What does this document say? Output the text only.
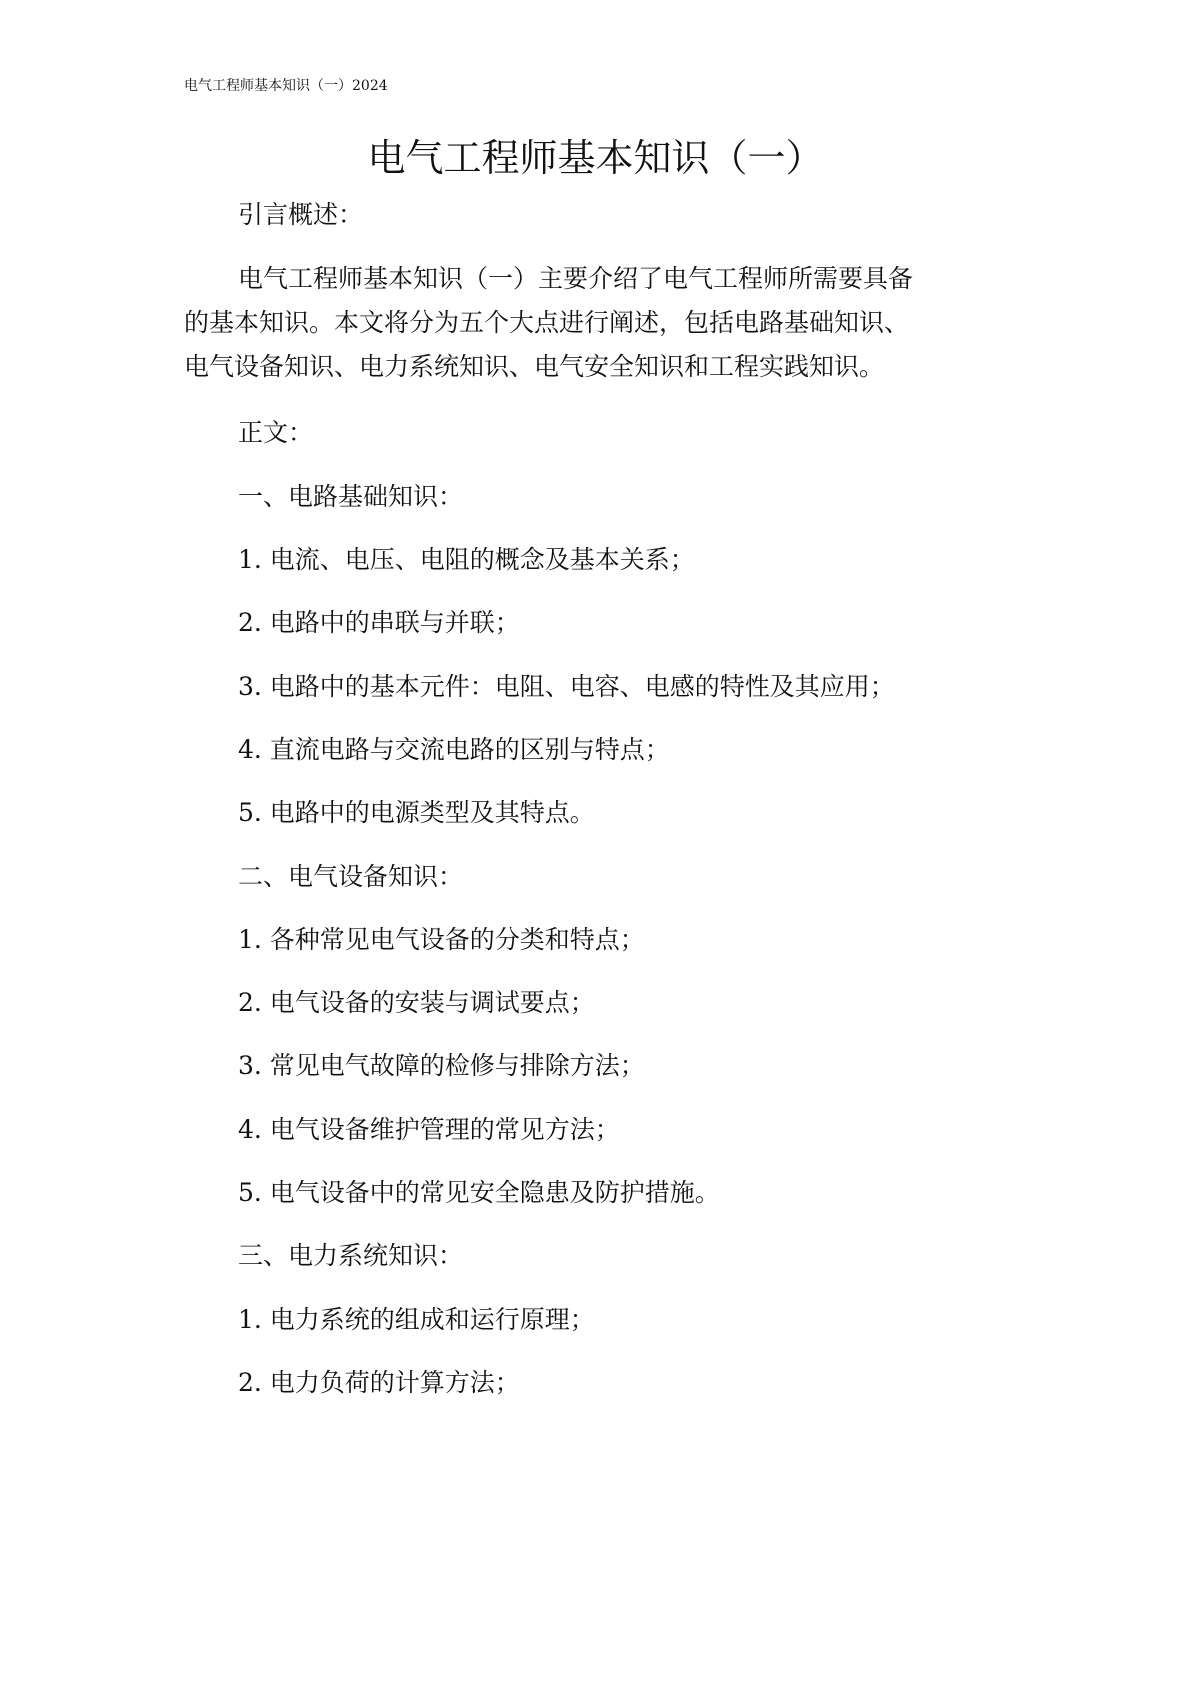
电气工程师基本知识（一）2024
电气工程师基本知识（一）
引言概述：
电气工程师基本知识（一）主要介绍了电气工程师所需要具备
的基本知识。本文将分为五个大点进行阐述，包括电路基础知识、
电气设备知识、电力系统知识、电气安全知识和工程实践知识。
正文：
一、电路基础知识：
1. 电流、电压、电阻的概念及基本关系；
2. 电路中的串联与并联；
3. 电路中的基本元件：电阻、电容、电感的特性及其应用；
4. 直流电路与交流电路的区别与特点；
5. 电路中的电源类型及其特点。
二、电气设备知识：
1. 各种常见电气设备的分类和特点；
2. 电气设备的安装与调试要点；
3. 常见电气故障的检修与排除方法；
4. 电气设备维护管理的常见方法；
5. 电气设备中的常见安全隐患及防护措施。
三、电力系统知识：
1. 电力系统的组成和运行原理；
2. 电力负荷的计算方法；
